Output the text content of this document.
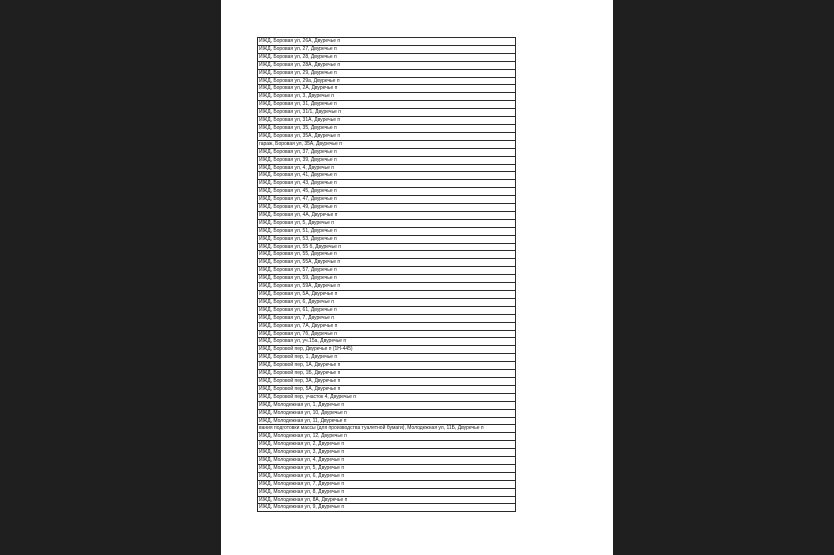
ИЖД, Боровая ул, 26А, Двуречье п
ИЖД, Боровая ул, 27, Двуречье п
ИЖД, Боровая ул, 28, Двуречье п
ИЖД, Боровая ул, 28А, Двуречье п
ИЖД, Боровая ул, 29, Двуречье п
ИЖД, Боровая ул, 29а, Двуречье п
ИЖД, Боровая ул, 2А, Двуречье п
ИЖД, Боровая ул, 3, Двуречье п
ИЖД, Боровая ул, 31, Двуречье п
ИЖД, Боровая ул, 31/1, Двуречье п
ИЖД, Боровая ул, 31А, Двуречье п
ИЖД, Боровая ул, 35, Двуречье п
ИЖД, Боровая ул, 35А, Двуречье п
гараж, Боровая ул, 35А, Двуречье п
ИЖД, Боровая ул, 37, Двуречье п
ИЖД, Боровая ул, 39, Двуречье п
ИЖД, Боровая ул, 4, Двуречье п
ИЖД, Боровая ул, 41, Двуречье п
ИЖД, Боровая ул, 43, Двуречье п
ИЖД, Боровая ул, 45, Двуречье п
ИЖД, Боровая ул, 47, Двуречье п
ИЖД, Боровая ул, 49, Двуречье п
ИЖД, Боровая ул, 4А, Двуречье п
ИЖД, Боровая ул, 5, Двуречье п
ИЖД, Боровая ул, 51, Двуречье п
ИЖД, Боровая ул, 53, Двуречье п
ИЖД, Боровая ул, 55 б, Двуречье п
ИЖД, Боровая ул, 55, Двуречье п
ИЖД, Боровая ул, 55А, Двуречье п
ИЖД, Боровая ул, 57, Двуречье п
ИЖД, Боровая ул, 59, Двуречье п
ИЖД, Боровая ул, 59А, Двуречье п
ИЖД, Боровая ул, 5А, Двуречье п
ИЖД, Боровая ул, 6, Двуречье п
ИЖД, Боровая ул, 61, Двуречье п
ИЖД, Боровая ул, 7, Двуречье п
ИЖД, Боровая ул, 7А, Двуречье п
ИЖД, Боровая ул, 7б, Двуречье п
ИЖД, Боровая ул, уч.15а, Двуречье п
ИЖД, Боровой пер, Двуречье п (1Н-445)
ИЖД, Боровой пер, 1, Двуречье п
ИЖД, Боровой пер, 1А, Двуречье п
ИЖД, Боровой пер, 1Б, Двуречье п
ИЖД, Боровой пер, 3А, Двуречье п
ИЖД, Боровой пер, 5А, Двуречье п
ИЖД, Боровой пер, участок 4, Двуречье п
ИЖД, Молодежная ул, 1, Двуречье п
ИЖД, Молодежная ул, 10, Двуречье п
ИЖД, Молодежная ул, 11, Двуречье п
вания подготовки массы (для производства туалетной бумаги), Молодежная ул, 11Б, Двуречье п
ИЖД, Молодежная ул, 12, Двуречье п
ИЖД, Молодежная ул, 2, Двуречье п
ИЖД, Молодежная ул, 3, Двуречье п
ИЖД, Молодежная ул, 4, Двуречье п
ИЖД, Молодежная ул, 5, Двуречье п
ИЖД, Молодежная ул, 6, Двуречье п
ИЖД, Молодежная ул, 7, Двуречье п
ИЖД, Молодежная ул, 8, Двуречье п
ИЖД, Молодежная ул, 8А, Двуречье п
ИЖД, Молодежная ул, 9, Двуречье п
